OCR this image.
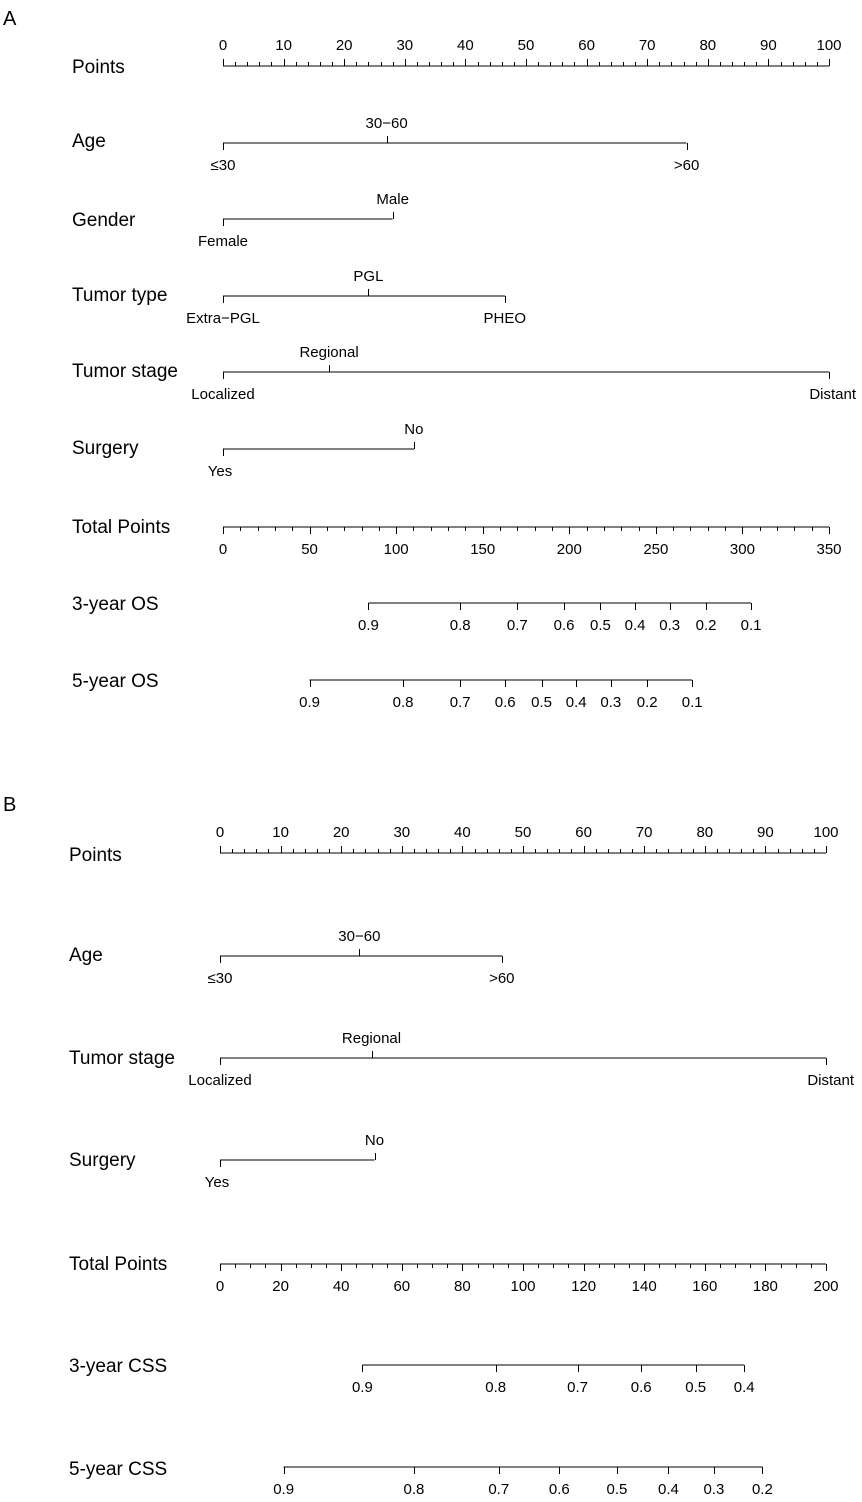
A
Points
0	10	20	30	40	50	60	70	80	90	100
Age
≤30
30−60
>60
Gender
Female
Male
Tumor type
Extra−PGL
PGL
PHEO
Tumor stage
Localized
Regional
Distant
Surgery
Yes
No
Total Points
0	50	100	150	200	250	300	350
3-year OS
0.9	0.8 0.7 0.6 0.5 0.4 0.3 0.2 0.1
5-year OS
0.9	0.8 0.7 0.6 0.5 0.4 0.3 0.2 0.1
B
Points
0	10	20	30	40	50	60	70	80	90	100
Age
≤30
30−60
>60
Tumor stage
Localized
Regional
Distant
Surgery
Yes
No
Total Points
0	20	40	60	80	100 120 140 160 180 200
3-year CSS
0.9	0.8	0.7	0.6 0.5 0.4
5-year CSS
0.9	0.8	0.7	0.6 0.5 0.4 0.3 0.2
